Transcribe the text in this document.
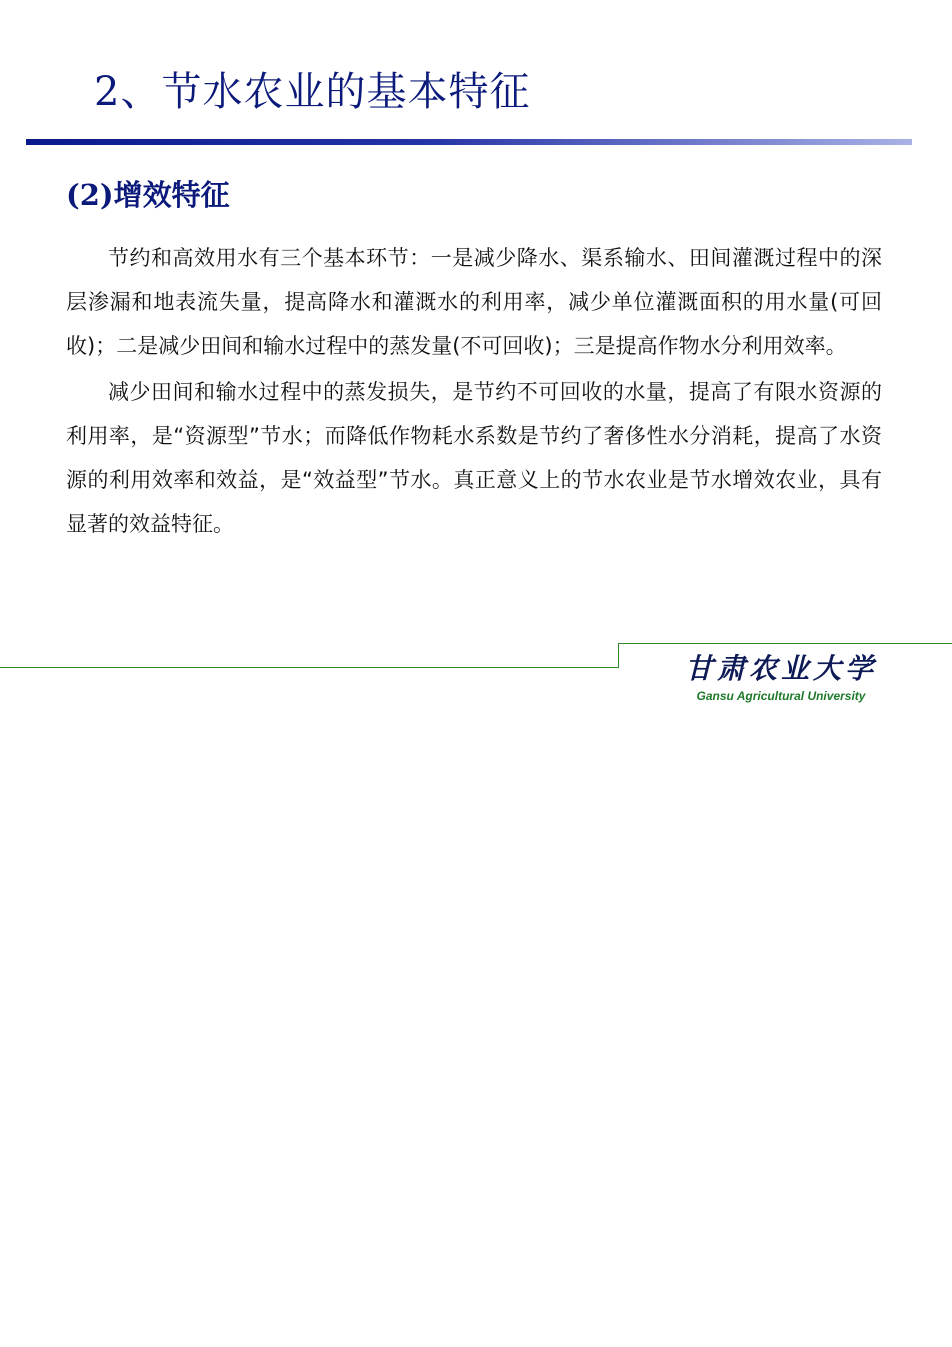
2、节水农业的基本特征
(2)增效特征

节约和高效用水有三个基本环节：一是减少降水、渠系输水、田间灌溉过程中的深层渗漏和地表流失量，提高降水和灌溉水的利用率，减少单位灌溉面积的用水量(可回收)；二是减少田间和输水过程中的蒸发量(不可回收)；三是提高作物水分利用效率。

减少田间和输水过程中的蒸发损失，是节约不可回收的水量，提高了有限水资源的利用率，是“资源型”节水；而降低作物耗水系数是节约了奢侈性水分消耗，提高了水资源的利用效率和效益，是“效益型”节水。真正意义上的节水农业是节水增效农业，具有显著的效益特征。

甘肃农业大学
Gansu Agricultural University
